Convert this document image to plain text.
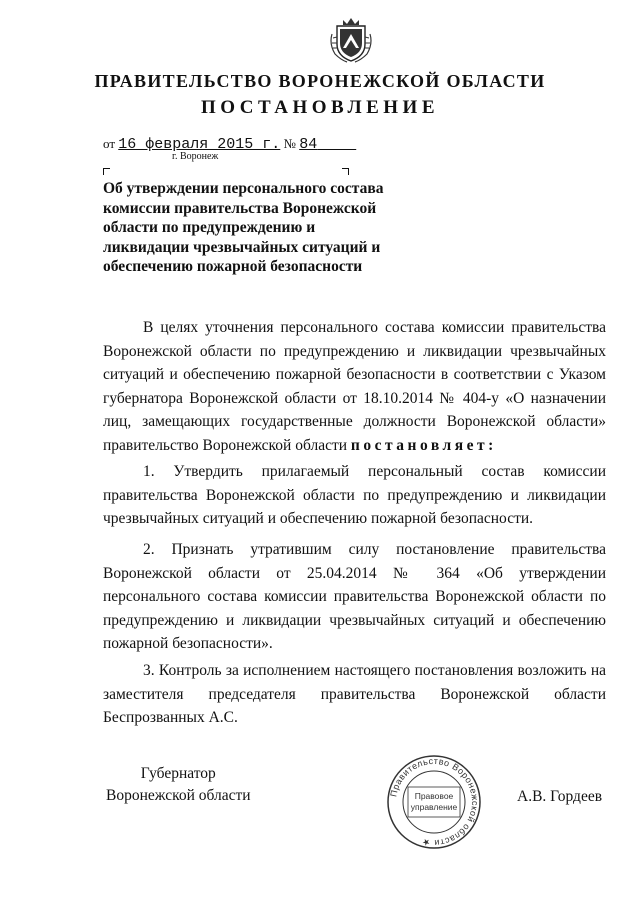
ПРАВИТЕЛЬСТВО ВОРОНЕЖСКОЙ ОБЛАСТИ
ПОСТАНОВЛЕНИЕ
от 16 февраля 2015 г. № 84
г. Воронеж
Об утверждении персонального состава комиссии правительства Воронежской области по предупреждению и ликвидации чрезвычайных ситуаций и обеспечению пожарной безопасности
В целях уточнения персонального состава комиссии правительства Воронежской области по предупреждению и ликвидации чрезвычайных ситуаций и обеспечению пожарной безопасности в соответствии с Указом губернатора Воронежской области от 18.10.2014 № 404-у «О назначении лиц, замещающих государственные должности Воронежской области» правительство Воронежской области постановляет:
1. Утвердить прилагаемый персональный состав комиссии правительства Воронежской области по предупреждению и ликвидации чрезвычайных ситуаций и обеспечению пожарной безопасности.
2. Признать утратившим силу постановление правительства Воронежской области от 25.04.2014 № 364 «Об утверждении персонального состава комиссии правительства Воронежской области по предупреждению и ликвидации чрезвычайных ситуаций и обеспечению пожарной безопасности».
3. Контроль за исполнением настоящего постановления возложить на заместителя председателя правительства Воронежской области Беспрозванных А.С.
Губернатор
Воронежской области	Правительство Воронежской области ★
Правовое
управление
А.В. Гордеев
